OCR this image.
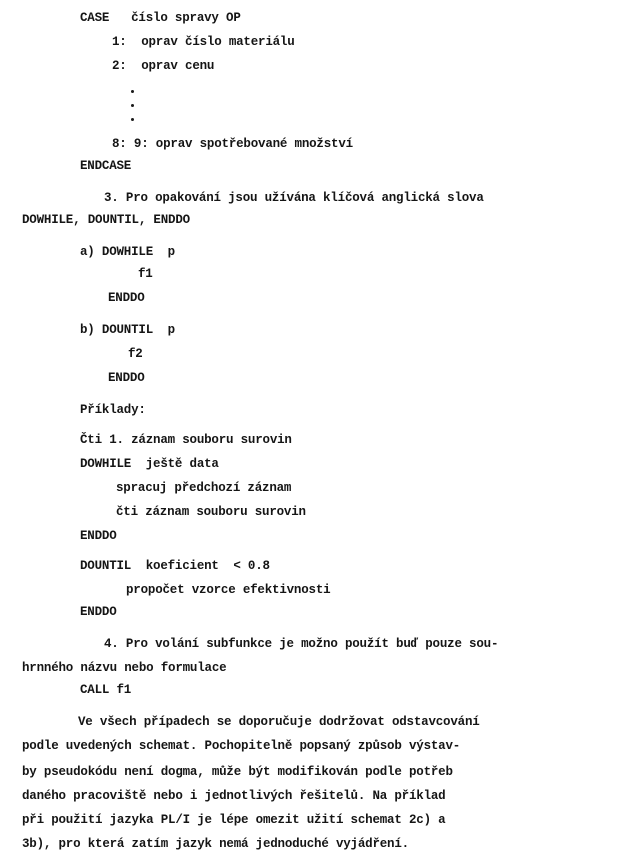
CASE   číslo spravy OP
1:  oprav číslo materiálu
2:  oprav cenu
8: 9: oprav spotřebované množství
ENDCASE
3. Pro opakování jsou užívána klíčová anglická slova
DOWHILE, DOUNTIL, ENDDO
a) DOWHILE  p
f1
ENDDO
b) DOUNTIL  p
f2
ENDDO
Příklady:
Čti 1. záznam souboru surovin
DOWHILE  ještě data
spracuj předchozí záznam
čti záznam souboru surovin
ENDDO
DOUNTIL  koeficient  < 0.8
propočet vzorce efektivnosti
ENDDO
4. Pro volání subfunkce je možno použít buď pouze sou-
hrnného názvu nebo formulace
CALL f1
Ve všech případech se doporučuje dodržovat odstavcování
podle uvedených schemat. Pochopitelně popsaný způsob výstav-
by pseudokódu není dogma, může být modifikován podle potřeb
daného pracoviště nebo i jednotlivých řešitelů. Na příklad
při použití jazyka PL/I je lépe omezit užití schemat 2c) a
3b), pro která zatím jazyk nemá jednoduché vyjádření.
